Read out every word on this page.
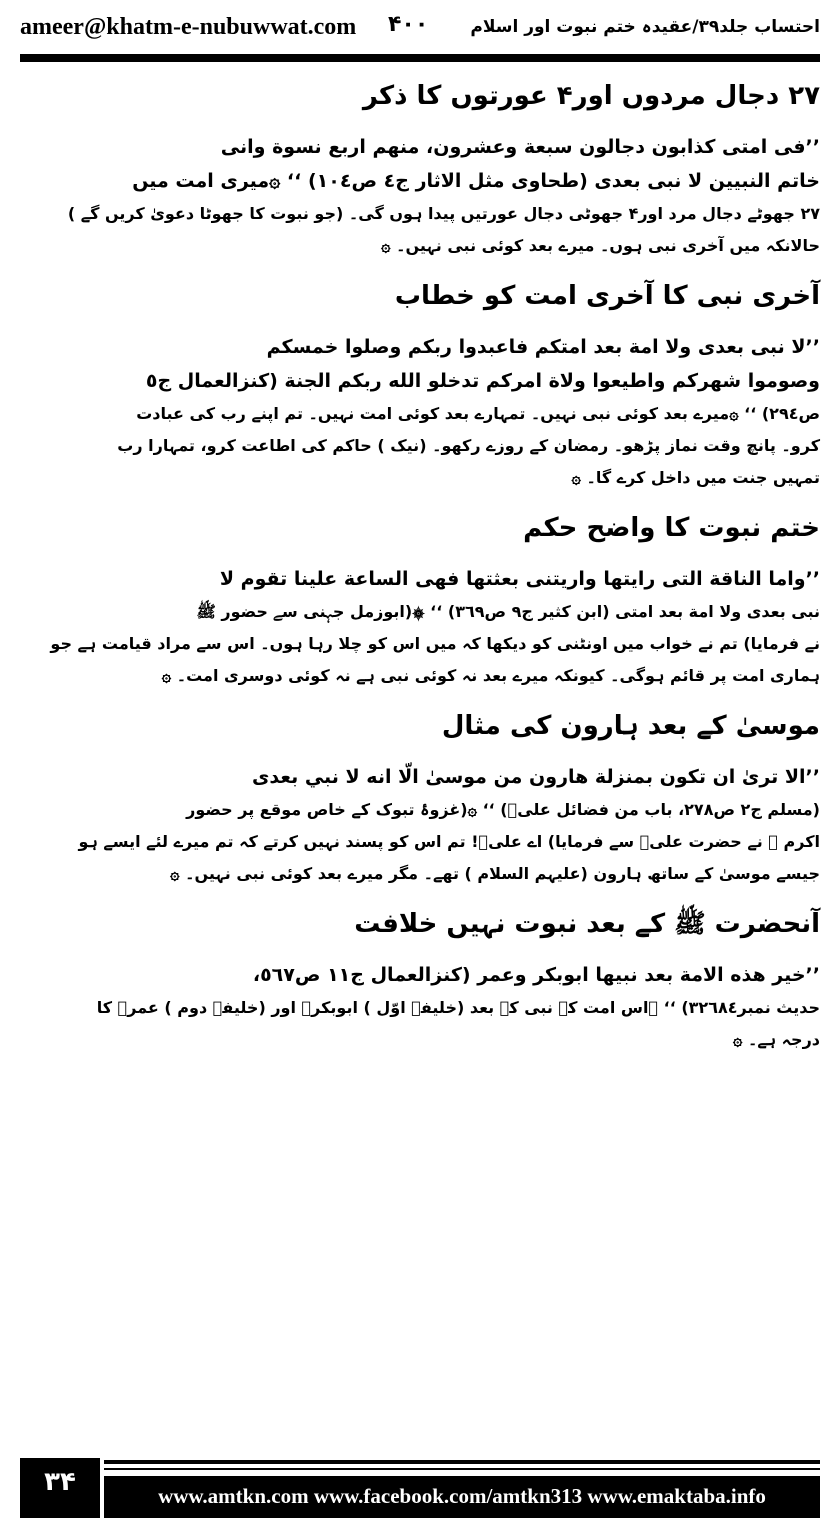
ameer@khatm-e-nubuwwat.com ۴۰۰ احتساب جلد۳۹/عقیدہ ختم نبوت اور اسلام
۲۷ دجال مردوں اور۴ عورتوں کا ذکر
’’فی امتی کذابون دجالون سبعة وعشرون، منهم اربع نسوة وانی
خاتم النبیین لا نبی بعدی (طحاوی مثل الاثار ج٤ ص١٠٤) ‘‘ ۞میری امت میں
۲۷ جھوٹے دجال مرد اور۴ جھوٹی دجال عورتیں پیدا ہوں گی۔ (جو نبوت کا جھوٹا دعویٰ کریں گے )
حالانکہ میں آخری نبی ہوں۔ میرے بعد کوئی نبی نہیں۔ ۞
آخری نبی کا آخری امت کو خطاب
’’لا نبی بعدی ولا امة بعد امتکم فاعبدوا ربکم وصلوا خمسکم
وصوموا شهرکم واطیعوا ولاة امرکم تدخلو الله ربکم الجنة (کنزالعمال ج٥
ص٢٩٤) ‘‘ ۞میرے بعد کوئی نبی نہیں۔ تمہارے بعد کوئی امت نہیں۔ تم اپنے رب کی عبادت
کرو۔ پانچ وقت نماز پڑھو۔ رمضان کے روزے رکھو۔ (نیک ) حاکم کی اطاعت کرو، تمہارا رب
تمہیں جنت میں داخل کرے گا۔ ۞
ختم نبوت کا واضح حکم
’’واما الناقة التی رایتها واریتنی بعثتها فهی الساعة علینا تقوم لا
نبی بعدی ولا امة بعد امتی (ابن کثیر ج٩ ص٣٦٩) ‘‘ ۞(ابوزمل جہنی سے حضور ﷺ
نے فرمایا) تم نے خواب میں اونٹنی کو دیکھا کہ میں اس کو چلا رہا ہوں۔ اس سے مراد قیامت ہے جو
ہماری امت پر قائم ہوگی۔ کیونکہ میرے بعد نہ کوئی نبی ہے نہ کوئی دوسری امت۔ ۞
موسیٰ کے بعد ہارون کی مثال
’’الا تریٰ ان تکون بمنزلة هارون من موسیٰ الّا انه لا نبي بعدی
(مسلم ج٢ ص٢٧٨، باب من فضائل علیؓ) ‘‘ ۞(غزوۂ تبوک کے خاص موقع پر حضور
اکرم ﷺ نے حضرت علیؓ سے فرمایا) اے علیؓ! تم اس کو پسند نہیں کرتے کہ تم میرے لئے ایسے ہو
جیسے موسیٰ کے ساتھ ہارون (علیہم السلام ) تھے۔ مگر میرے بعد کوئی نبی نہیں۔ ۞
آنحضرت ﷺ کے بعد نبوت نہیں خلافت
’’خیر هذه الامة بعد نبیها ابوبکر وعمر (کنزالعمال ج١١ ص٥٦٧،
حدیث نمبر٣٢٦٨٤) ‘‘ ۞اس امت کے نبی کے بعد (خلیفہ اوّل ) ابوبکرؓ اور (خلیفہ دوم ) عمرؓ کا
درجہ ہے۔ ۞
۳۴	www.amtkn.com www.facebook.com/amtkn313 www.emaktaba.info
